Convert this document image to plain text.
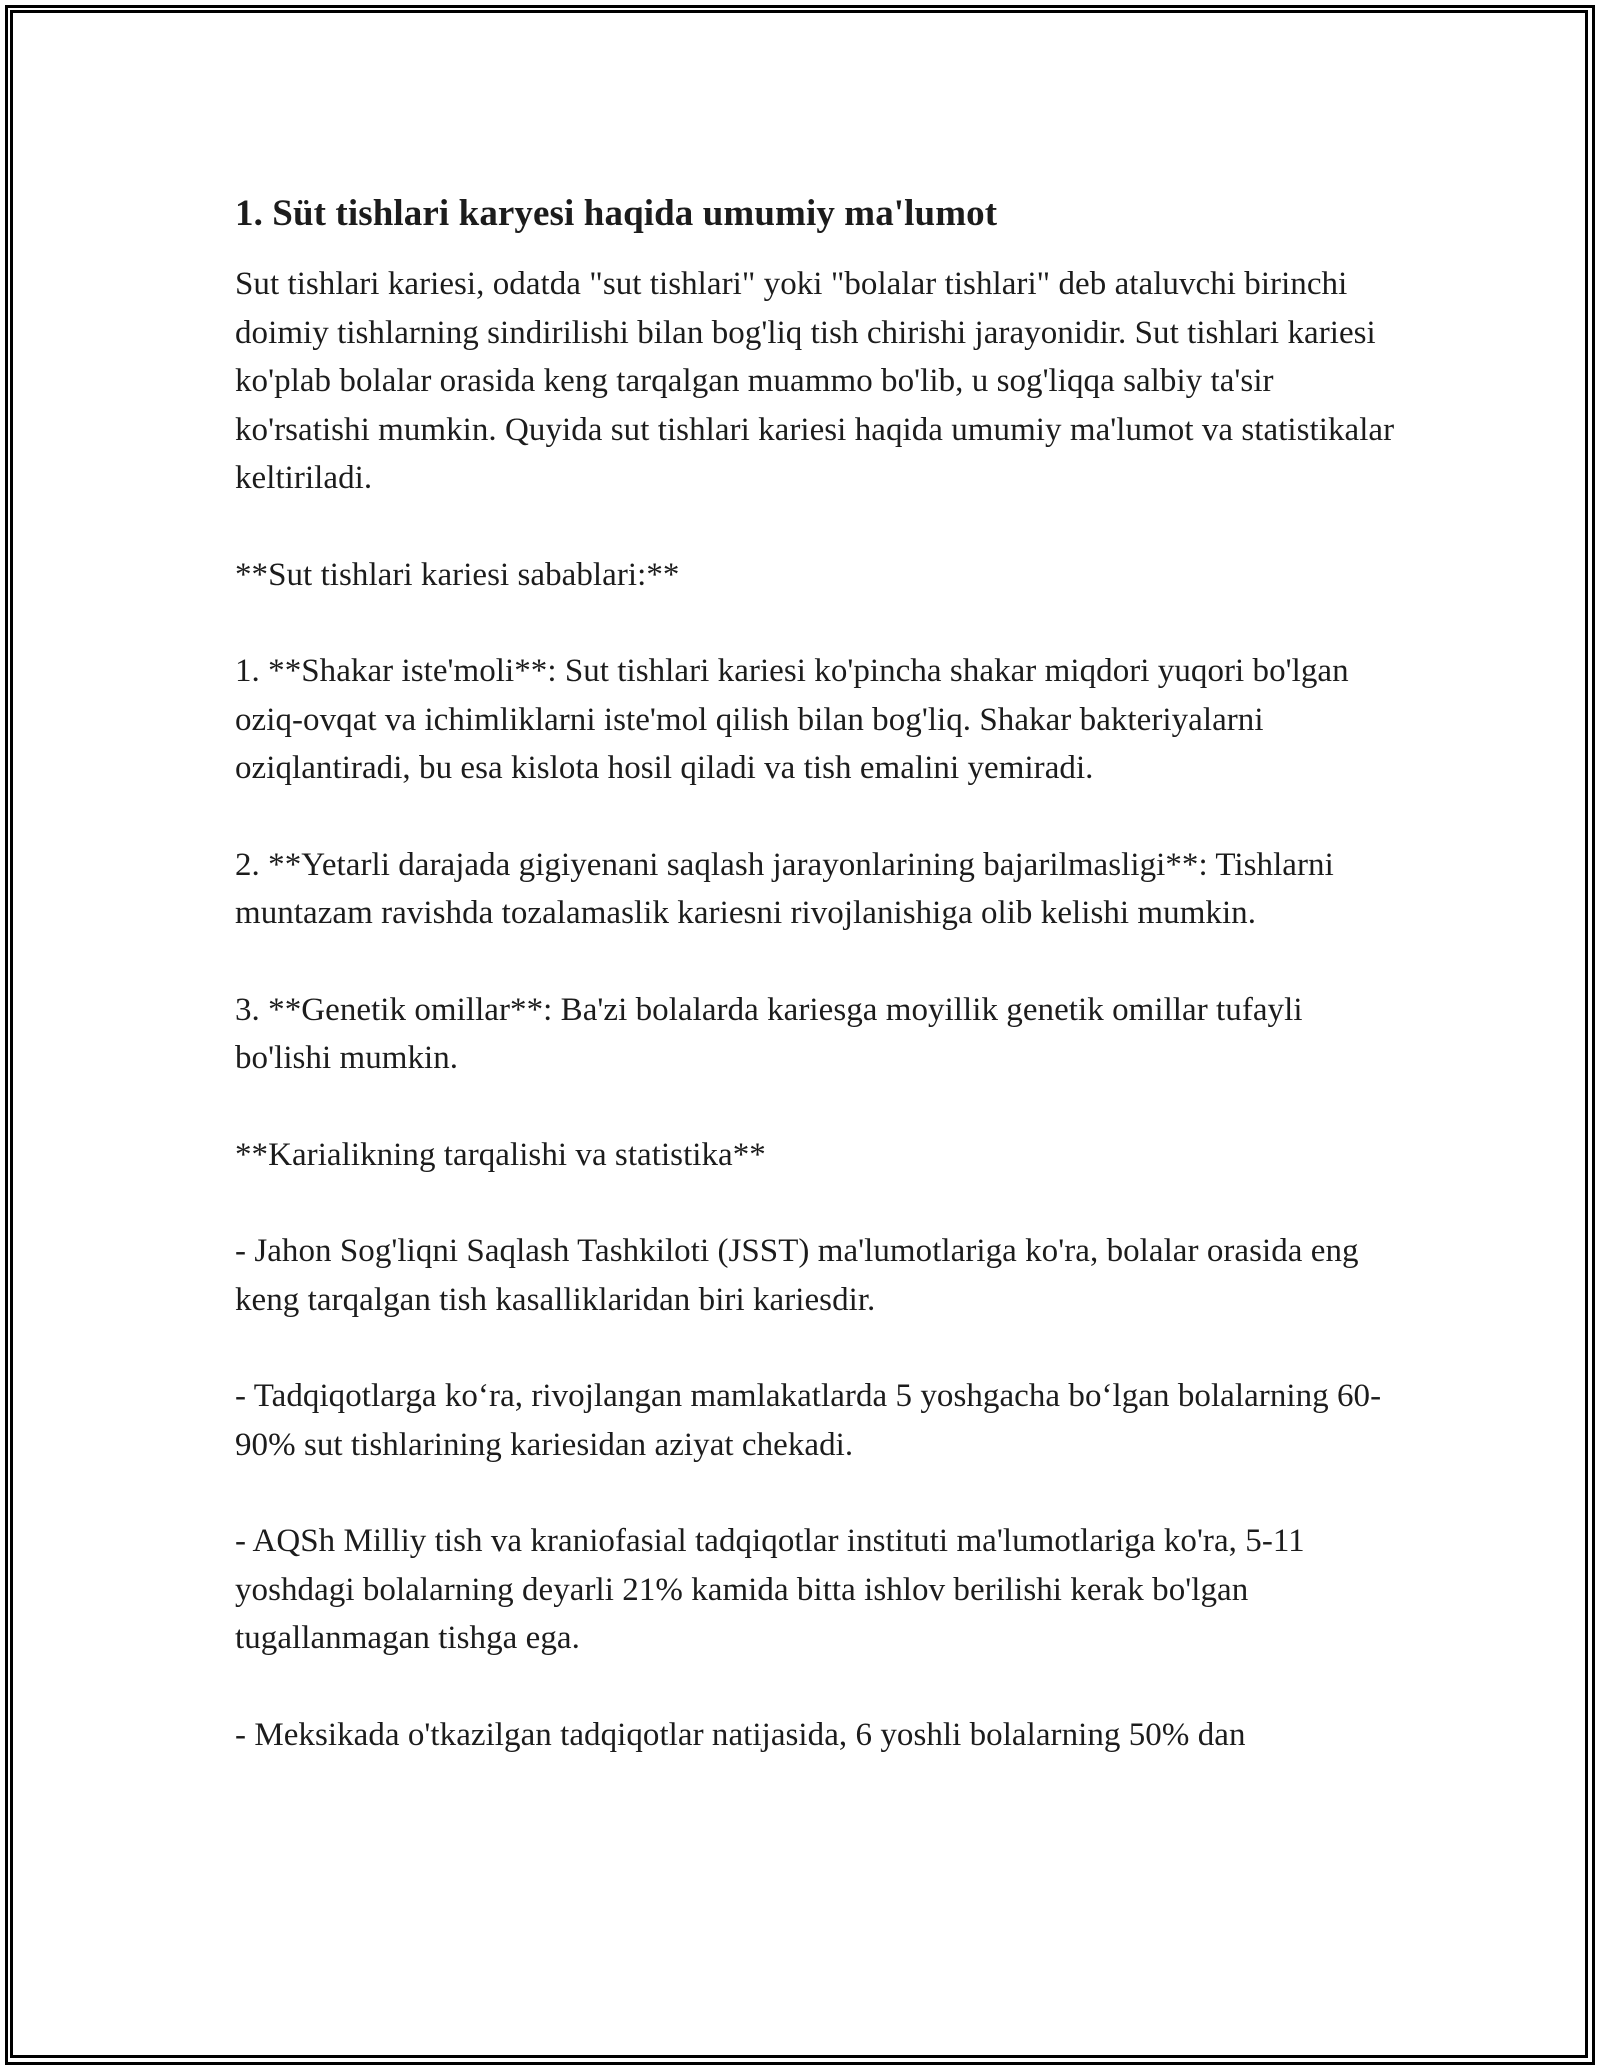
1. Süt tishlari karyesi haqida umumiy ma'lumot

Sut tishlari kariesi, odatda "sut tishlari" yoki "bolalar tishlari" deb ataluvchi birinchi doimiy tishlarning sindirilishi bilan bog'liq tish chirishi jarayonidir. Sut tishlari kariesi ko'plab bolalar orasida keng tarqalgan muammo bo'lib, u sog'liqqa salbiy ta'sir ko'rsatishi mumkin. Quyida sut tishlari kariesi haqida umumiy ma'lumot va statistikalar keltiriladi.

**Sut tishlari kariesi sabablari:**

1. **Shakar iste'moli**: Sut tishlari kariesi ko'pincha shakar miqdori yuqori bo'lgan oziq-ovqat va ichimliklarni iste'mol qilish bilan bog'liq. Shakar bakteriyalarni oziqlantiradi, bu esa kislota hosil qiladi va tish emalini yemiradi.

2. **Yetarli darajada gigiyenani saqlash jarayonlarining bajarilmasligi**: Tishlarni muntazam ravishda tozalamaslik kariesni rivojlanishiga olib kelishi mumkin.

3. **Genetik omillar**: Ba'zi bolalarda kariesga moyillik genetik omillar tufayli bo'lishi mumkin.

**Karialikning tarqalishi va statistika**

- Jahon Sog'liqni Saqlash Tashkiloti (JSST) ma'lumotlariga ko'ra, bolalar orasida eng keng tarqalgan tish kasalliklaridan biri kariesdir.

- Tadqiqotlarga koʻra, rivojlangan mamlakatlarda 5 yoshgacha boʻlgan bolalarning 60-90% sut tishlarining kariesidan aziyat chekadi.

- AQSh Milliy tish va kraniofasial tadqiqotlar instituti ma'lumotlariga ko'ra, 5-11 yoshdagi bolalarning deyarli 21% kamida bitta ishlov berilishi kerak bo'lgan tugallanmagan tishga ega.

- Meksikada o'tkazilgan tadqiqotlar natijasida, 6 yoshli bolalarning 50% dan
